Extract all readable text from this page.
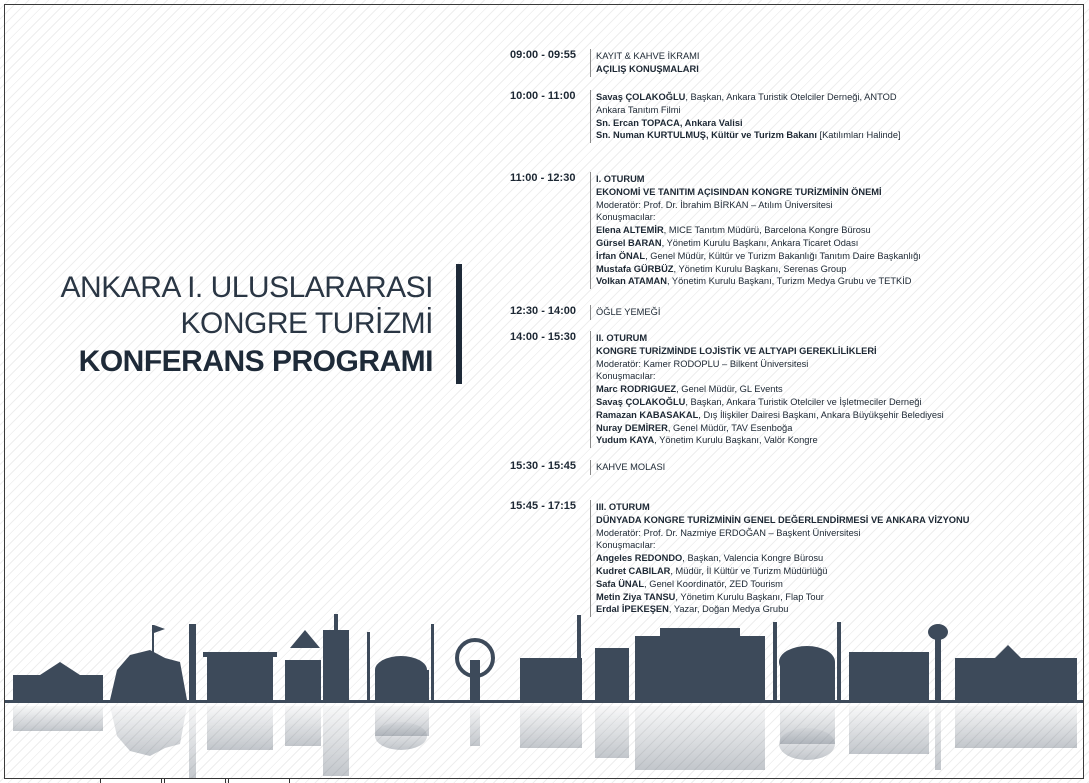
ANKARA I. ULUSLARARASI
KONGRE TURİZMİ
KONFERANS PROGRAMI
09:00 - 09:55 KAYIT & KAHVE İKRAMI
AÇILIŞ KONUŞMALARI
10:00 - 11:00 Savaş ÇOLAKOĞLU, Başkan, Ankara Turistik Otelciler Derneği, ANTOD
Ankara Tanıtım Filmi
Sn. Ercan TOPACA, Ankara Valisi
Sn. Numan KURTULMUŞ, Kültür ve Turizm Bakanı [Katılımları Halinde]
11:00 - 12:30 I. OTURUM
EKONOMİ VE TANITIM AÇISINDAN KONGRE TURİZMİNİN ÖNEMİ
Moderatör: Prof. Dr. İbrahim BİRKAN – Atılım Üniversitesi
Konuşmacılar:
Elena ALTEMİR, MICE Tanıtım Müdürü, Barcelona Kongre Bürosu
Gürsel BARAN, Yönetim Kurulu Başkanı, Ankara Ticaret Odası
İrfan ÖNAL, Genel Müdür, Kültür ve Turizm Bakanlığı Tanıtım Daire Başkanlığı
Mustafa GÜRBÜZ, Yönetim Kurulu Başkanı, Serenas Group
Volkan ATAMAN, Yönetim Kurulu Başkanı, Turizm Medya Grubu ve TETKİD
12:30 - 14:00 ÖĞLE YEMEĞİ
14:00 - 15:30 II. OTURUM
KONGRE TURİZMİNDE LOJİSTİK VE ALTYAPI GEREKLİLİKLERİ
Moderatör: Kamer RODOPLU – Bilkent Üniversitesi
Konuşmacılar:
Marc RODRIGUEZ, Genel Müdür, GL Events
Savaş ÇOLAKOĞLU, Başkan, Ankara Turistik Otelciler ve İşletmeciler Derneği
Ramazan KABASAKAL, Dış İlişkiler Dairesi Başkanı, Ankara Büyükşehir Belediyesi
Nuray DEMİRER, Genel Müdür, TAV Esenboğa
Yudum KAYA, Yönetim Kurulu Başkanı, Valör Kongre
15:30 - 15:45 KAHVE MOLASI
15:45 - 17:15 III. OTURUM
DÜNYADA KONGRE TURİZMİNİN GENEL DEĞERLENDİRMESİ VE ANKARA VİZYONU
Moderatör: Prof. Dr. Nazmiye ERDOĞAN – Başkent Üniversitesi
Konuşmacılar:
Angeles REDONDO, Başkan, Valencia Kongre Bürosu
Kudret CABILAR, Müdür, İl Kültür ve Turizm Müdürlüğü
Safa ÜNAL, Genel Koordinatör, ZED Tourism
Metin Ziya TANSU, Yönetim Kurulu Başkanı, Flap Tour
Erdal İPEKEŞEN, Yazar, Doğan Medya Grubu
